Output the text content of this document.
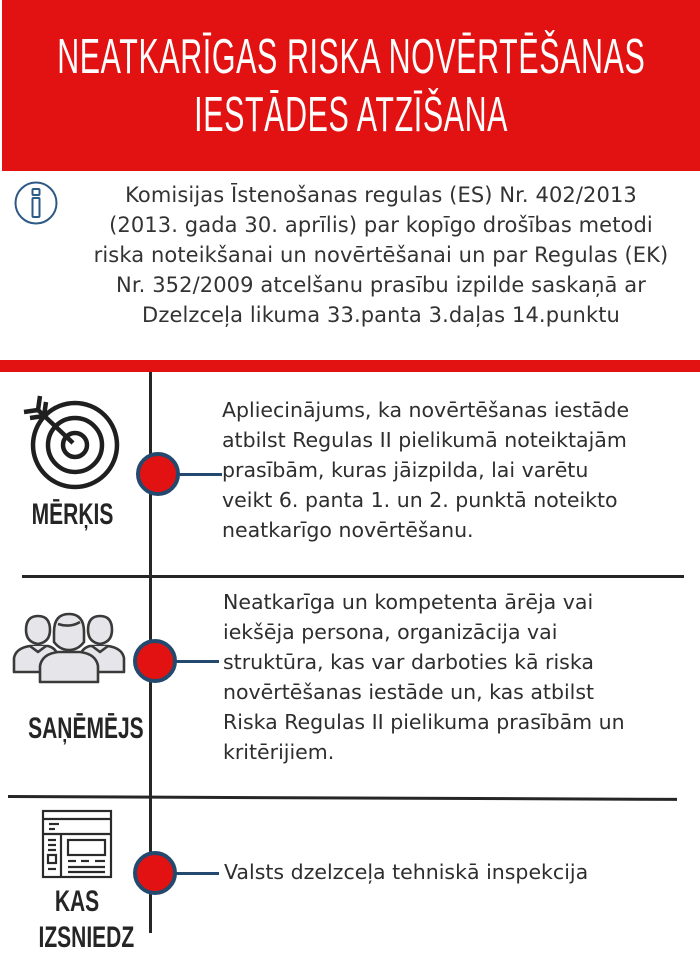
NEATKARĪGAS RISKA NOVĒRTĒŠANAS
IESTĀDES ATZĪŠANA
Komisijas Īstenošanas regulas (ES) Nr. 402/2013
(2013. gada 30. aprīlis) par kopīgo drošības metodi
riska noteikšanai un novērtēšanai un par Regulas (EK)
Nr. 352/2009 atcelšanu prasību izpilde saskaņā ar
Dzelzceļa likuma 33.panta 3.daļas 14.punktu
MĒRĶIS
Apliecinājums, ka novērtēšanas iestāde
atbilst Regulas II pielikumā noteiktajām
prasībām, kuras jāizpilda, lai varētu
veikt 6. panta 1. un 2. punktā noteikto
neatkarīgo novērtēšanu.
SAŅĒMĒJS
Neatkarīga un kompetenta ārēja vai
iekšēja persona, organizācija vai
struktūra, kas var darboties kā riska
novērtēšanas iestāde un, kas atbilst
Riska Regulas II pielikuma prasībām un
kritērijiem.
KAS
IZSNIEDZ
Valsts dzelzceļa tehniskā inspekcija
